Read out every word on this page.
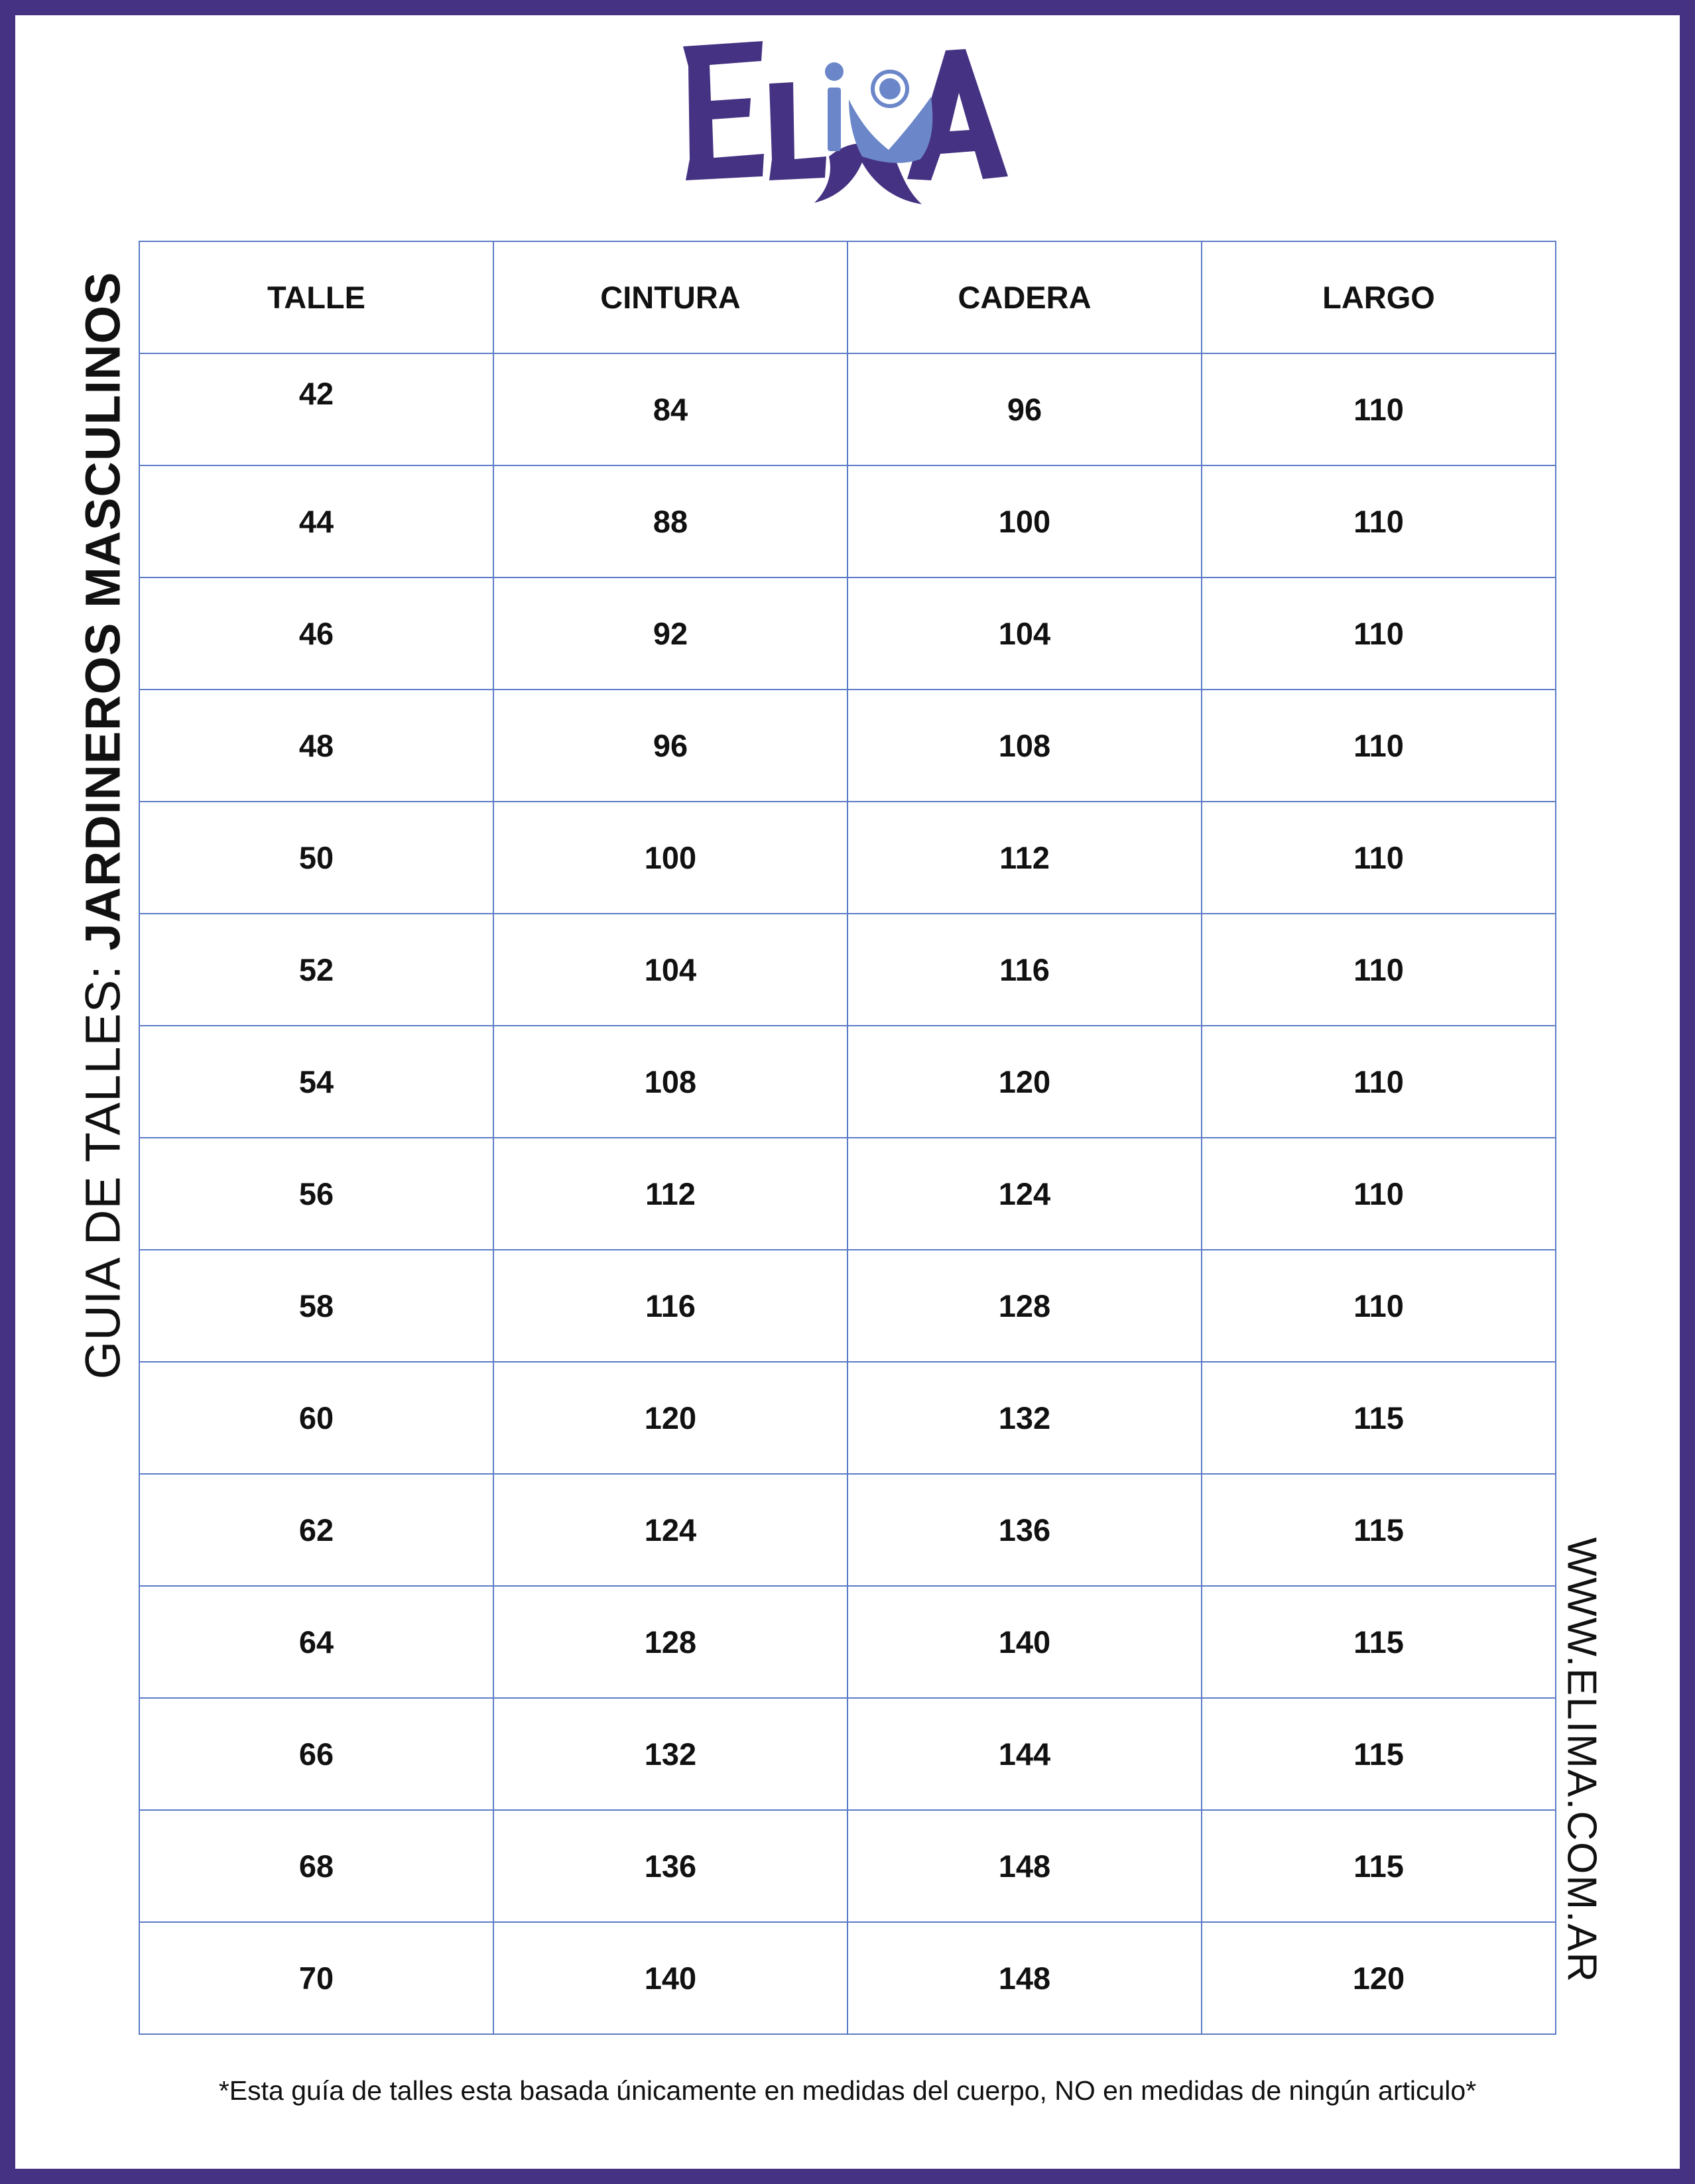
GUIA DE TALLES: JARDINEROS MASCULINOS
WWW.ELIMA.COM.AR
TALLE	CINTURA	CADERA	LARGO
42	84	96	110
44	88	100	110
46	92	104	110
48	96	108	110
50	100	112	110
52	104	116	110
54	108	120	110
56	112	124	110
58	116	128	110
60	120	132	115
62	124	136	115
64	128	140	115
66	132	144	115
68	136	148	115
70	140	148	120
*Esta guía de talles esta basada únicamente en medidas del cuerpo, NO en medidas de ningún articulo*
